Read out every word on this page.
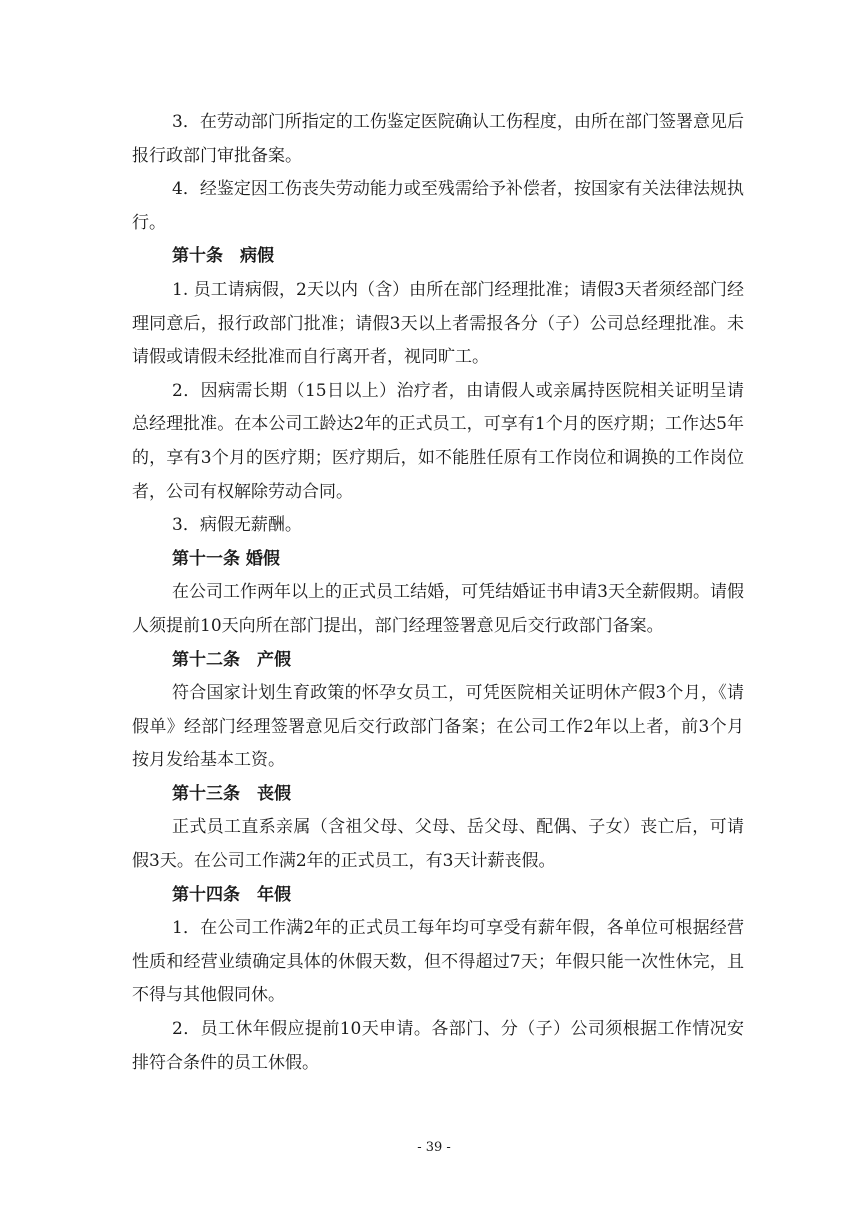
3．在劳动部门所指定的工伤鉴定医院确认工伤程度，由所在部门签署意见后报行政部门审批备案。

4．经鉴定因工伤丧失劳动能力或至残需给予补偿者，按国家有关法律法规执行。

第十条　病假

1. 员工请病假，2天以内（含）由所在部门经理批准；请假3天者须经部门经理同意后，报行政部门批准；请假3天以上者需报各分（子）公司总经理批准。未请假或请假未经批准而自行离开者，视同旷工。

2．因病需长期（15日以上）治疗者，由请假人或亲属持医院相关证明呈请总经理批准。在本公司工龄达2年的正式员工，可享有1个月的医疗期；工作达5年的，享有3个月的医疗期；医疗期后，如不能胜任原有工作岗位和调换的工作岗位者，公司有权解除劳动合同。

3．病假无薪酬。

第十一条 婚假

在公司工作两年以上的正式员工结婚，可凭结婚证书申请3天全薪假期。请假人须提前10天向所在部门提出，部门经理签署意见后交行政部门备案。

第十二条　产假

符合国家计划生育政策的怀孕女员工，可凭医院相关证明休产假3个月，《请假单》经部门经理签署意见后交行政部门备案；在公司工作2年以上者，前3个月按月发给基本工资。

第十三条　丧假

正式员工直系亲属（含祖父母、父母、岳父母、配偶、子女）丧亡后，可请假3天。在公司工作满2年的正式员工，有3天计薪丧假。

第十四条　年假

1．在公司工作满2年的正式员工每年均可享受有薪年假，各单位可根据经营性质和经营业绩确定具体的休假天数，但不得超过7天；年假只能一次性休完，且不得与其他假同休。

2．员工休年假应提前10天申请。各部门、分（子）公司须根据工作情况安排符合条件的员工休假。

- 39 -
